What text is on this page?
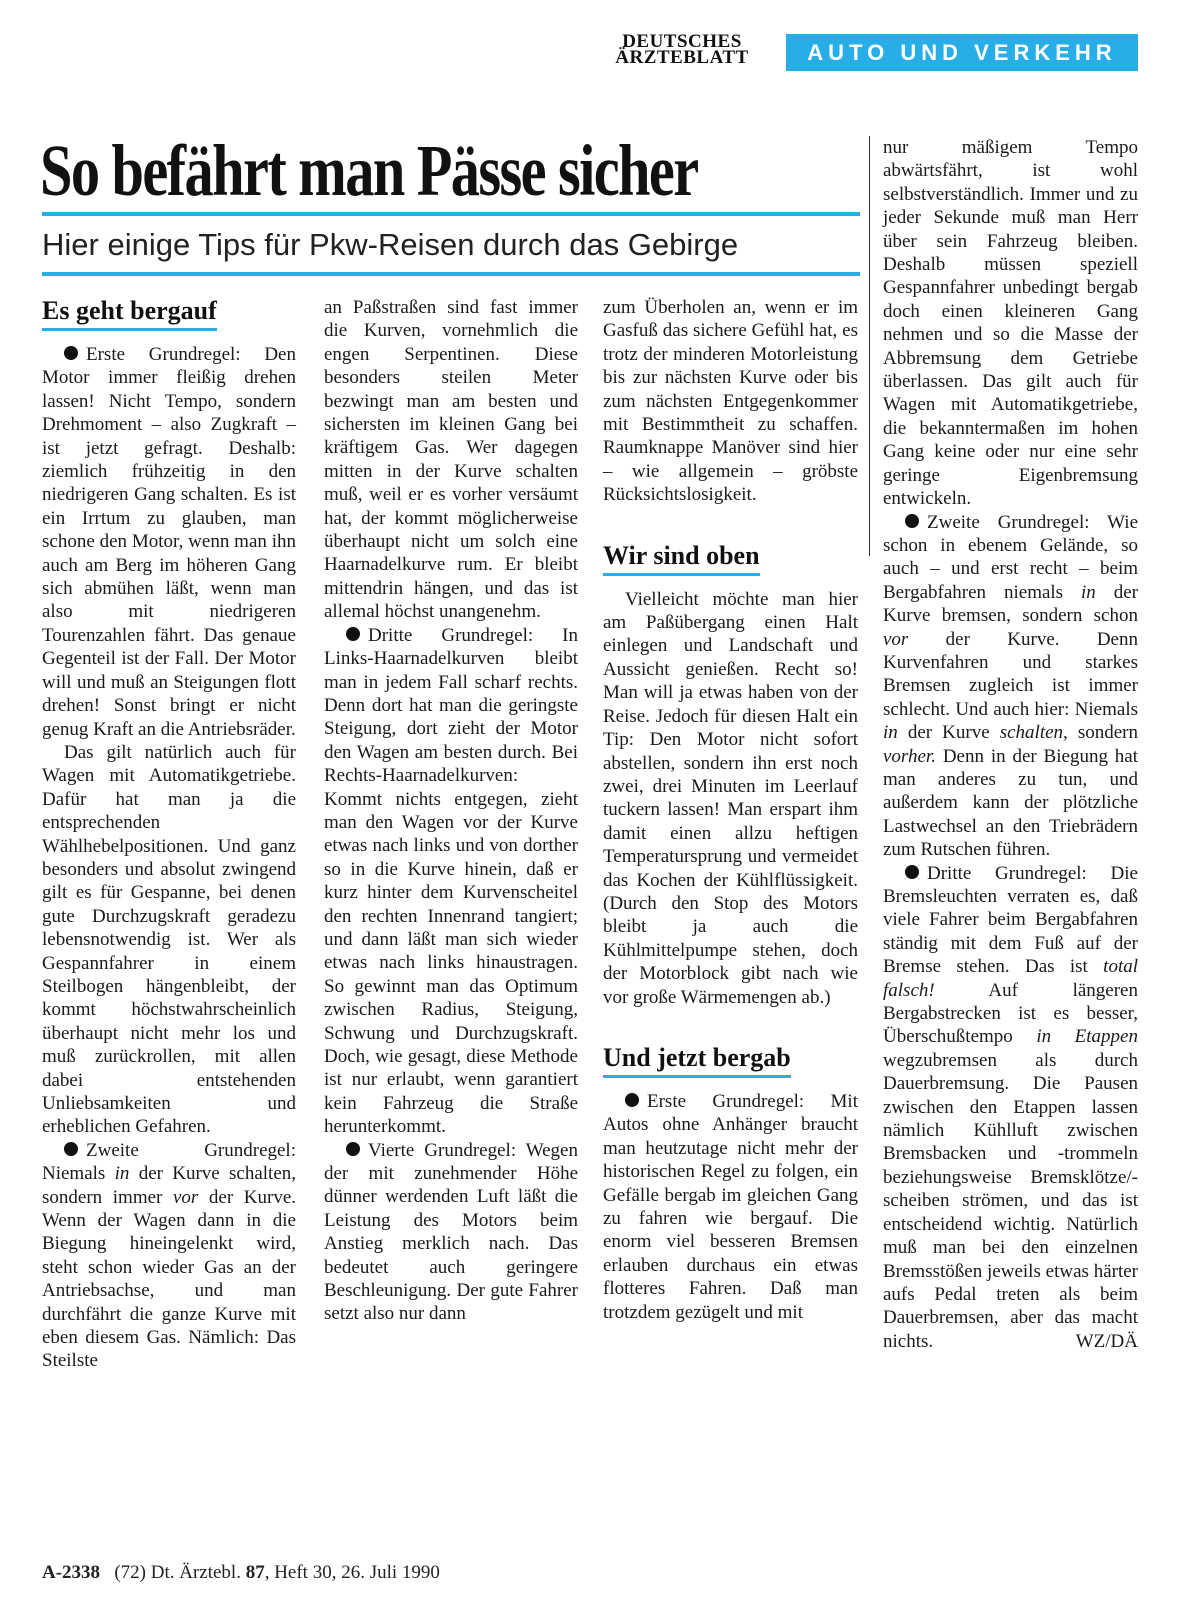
DEUTSCHES
ÄRZTEBLATT	AUTO UND VERKEHR
So befährt man Pässe sicher

Hier einige Tips für Pkw-Reisen durch das Gebirge

Es geht bergauf

Erste Grundregel: Den Motor immer fleißig drehen lassen! Nicht Tempo, sondern Drehmoment – also Zugkraft – ist jetzt gefragt. Deshalb: ziemlich frühzeitig in den niedrigeren Gang schalten. Es ist ein Irrtum zu glauben, man schone den Motor, wenn man ihn auch am Berg im höheren Gang sich abmühen läßt, wenn man also mit niedrigeren Tourenzahlen fährt. Das genaue Gegenteil ist der Fall. Der Motor will und muß an Steigungen flott drehen! Sonst bringt er nicht genug Kraft an die Antriebsräder.

Das gilt natürlich auch für Wagen mit Automatikgetriebe. Dafür hat man ja die entsprechenden Wählhebelpositionen. Und ganz besonders und absolut zwingend gilt es für Gespanne, bei denen gute Durchzugskraft geradezu lebensnotwendig ist. Wer als Gespannfahrer in einem Steilbogen hängenbleibt, der kommt höchstwahrscheinlich überhaupt nicht mehr los und muß zurückrollen, mit allen dabei entstehenden Unliebsamkeiten und erheblichen Gefahren.

Zweite Grundregel: Niemals in der Kurve schalten, sondern immer vor der Kurve. Wenn der Wagen dann in die Biegung hineingelenkt wird, steht schon wieder Gas an der Antriebsachse, und man durchfährt die ganze Kurve mit eben diesem Gas. Nämlich: Das Steilste

an Paßstraßen sind fast immer die Kurven, vornehmlich die engen Serpentinen. Diese besonders steilen Meter bezwingt man am besten und sichersten im kleinen Gang bei kräftigem Gas. Wer dagegen mitten in der Kurve schalten muß, weil er es vorher versäumt hat, der kommt möglicherweise überhaupt nicht um solch eine Haarnadelkurve rum. Er bleibt mittendrin hängen, und das ist allemal höchst unangenehm.

Dritte Grundregel: In Links-Haarnadelkurven bleibt man in jedem Fall scharf rechts. Denn dort hat man die geringste Steigung, dort zieht der Motor den Wagen am besten durch. Bei Rechts-Haarnadelkurven: Kommt nichts entgegen, zieht man den Wagen vor der Kurve etwas nach links und von dorther so in die Kurve hinein, daß er kurz hinter dem Kurvenscheitel den rechten Innenrand tangiert; und dann läßt man sich wieder etwas nach links hinaustragen. So gewinnt man das Optimum zwischen Radius, Steigung, Schwung und Durchzugskraft. Doch, wie gesagt, diese Methode ist nur erlaubt, wenn garantiert kein Fahrzeug die Straße herunterkommt.

Vierte Grundregel: Wegen der mit zunehmender Höhe dünner werdenden Luft läßt die Leistung des Motors beim Anstieg merklich nach. Das bedeutet auch geringere Beschleunigung. Der gute Fahrer setzt also nur dann

zum Überholen an, wenn er im Gasfuß das sichere Gefühl hat, es trotz der minderen Motorleistung bis zur nächsten Kurve oder bis zum nächsten Entgegenkommer mit Bestimmtheit zu schaffen. Raumknappe Manöver sind hier – wie allgemein – gröbste Rücksichtslosigkeit.

Wir sind oben

Vielleicht möchte man hier am Paßübergang einen Halt einlegen und Landschaft und Aussicht genießen. Recht so! Man will ja etwas haben von der Reise. Jedoch für diesen Halt ein Tip: Den Motor nicht sofort abstellen, sondern ihn erst noch zwei, drei Minuten im Leerlauf tuckern lassen! Man erspart ihm damit einen allzu heftigen Temperatursprung und vermeidet das Kochen der Kühlflüssigkeit. (Durch den Stop des Motors bleibt ja auch die Kühlmittelpumpe stehen, doch der Motorblock gibt nach wie vor große Wärmemengen ab.)

Und jetzt bergab

Erste Grundregel: Mit Autos ohne Anhänger braucht man heutzutage nicht mehr der historischen Regel zu folgen, ein Gefälle bergab im gleichen Gang zu fahren wie bergauf. Die enorm viel besseren Bremsen erlauben durchaus ein etwas flotteres Fahren. Daß man trotzdem gezügelt und mit

nur mäßigem Tempo abwärtsfährt, ist wohl selbstverständlich. Immer und zu jeder Sekunde muß man Herr über sein Fahrzeug bleiben. Deshalb müssen speziell Gespannfahrer unbedingt bergab doch einen kleineren Gang nehmen und so die Masse der Abbremsung dem Getriebe überlassen. Das gilt auch für Wagen mit Automatikgetriebe, die bekanntermaßen im hohen Gang keine oder nur eine sehr geringe Eigenbremsung entwickeln.

Zweite Grundregel: Wie schon in ebenem Gelände, so auch – und erst recht – beim Bergabfahren niemals in der Kurve bremsen, sondern schon vor der Kurve. Denn Kurvenfahren und starkes Bremsen zugleich ist immer schlecht. Und auch hier: Niemals in der Kurve schalten, sondern vorher. Denn in der Biegung hat man anderes zu tun, und außerdem kann der plötzliche Lastwechsel an den Triebrädern zum Rutschen führen.

Dritte Grundregel: Die Bremsleuchten verraten es, daß viele Fahrer beim Bergabfahren ständig mit dem Fuß auf der Bremse stehen. Das ist total falsch!	Auf längeren Bergabstrecken ist es besser, Überschußtempo in Etappen wegzubremsen als durch Dauerbremsung. Die Pausen zwischen den Etappen lassen nämlich Kühlluft zwischen Bremsbacken und -trommeln beziehungsweise Bremsklötze/-scheiben strömen, und das ist entscheidend wichtig. Natürlich muß man bei den einzelnen Bremsstößen jeweils etwas härter aufs Pedal treten als beim Dauerbremsen, aber das macht nichts.	WZ/DÄ

A-2338 (72) Dt. Ärztebl. 87, Heft 30, 26. Juli 1990
